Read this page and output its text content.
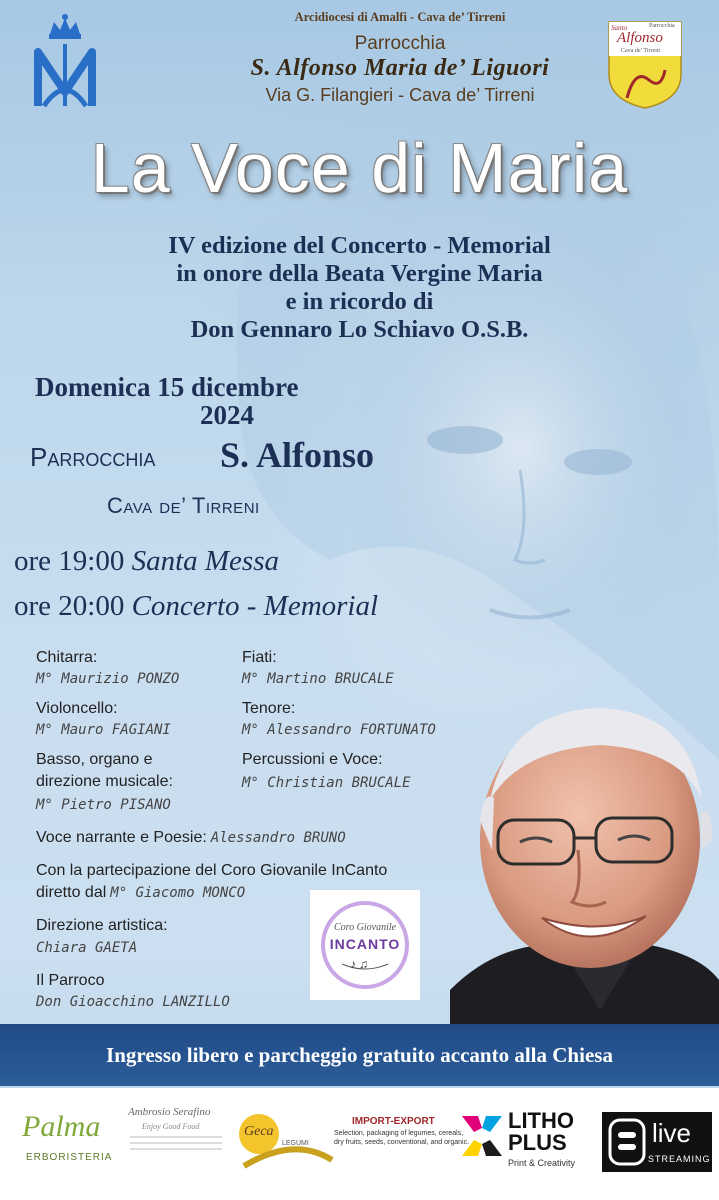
Santo
Alfonso
Parrocchia
Cava de’ Tirreni
Arcidiocesi di Amalfi - Cava de’ Tirreni
Parrocchia
S. Alfonso Maria de’ Liguori
Via G. Filangieri - Cava de’ Tirreni
La Voce di Maria
IV edizione del Concerto - Memorial
in onore della Beata Vergine Maria
e in ricordo di
Don Gennaro Lo Schiavo O.S.B.
Domenica 15 dicembre
2024
Parrocchia S. Alfonso
Cava de’ Tirreni
ore 19:00 Santa Messa
ore 20:00 Concerto - Memorial
Chitarra:
M° Maurizio PONZO
Violoncello:
M° Mauro FAGIANI
Basso, organo e
direzione musicale:
M° Pietro PISANO
Fiati:
M° Martino BRUCALE
Tenore:
M° Alessandro FORTUNATO
Percussioni e Voce:
M° Christian BRUCALE
Voce narrante e Poesie: Alessandro BRUNO
Con la partecipazione del Coro Giovanile InCanto
diretto dal M° Giacomo MONCO
Direzione artistica:
Chiara GAETA
Il Parroco
Don Gioacchino LANZILLO
♪ ♫
Coro Giovanile
INCANTO
Ingresso libero e parcheggio gratuito accanto alla Chiesa
Palma
ERBORISTERIA
Ambrosio Serafino
Enjoy Good Food	Geca
LEGUMI
IMPORT-EXPORT
Selection, packaging of legumes, cereals,
dry fruits, seeds, conventional, and organic.
LITHO
PLUS
Print & Creativity
live
STREAMING
